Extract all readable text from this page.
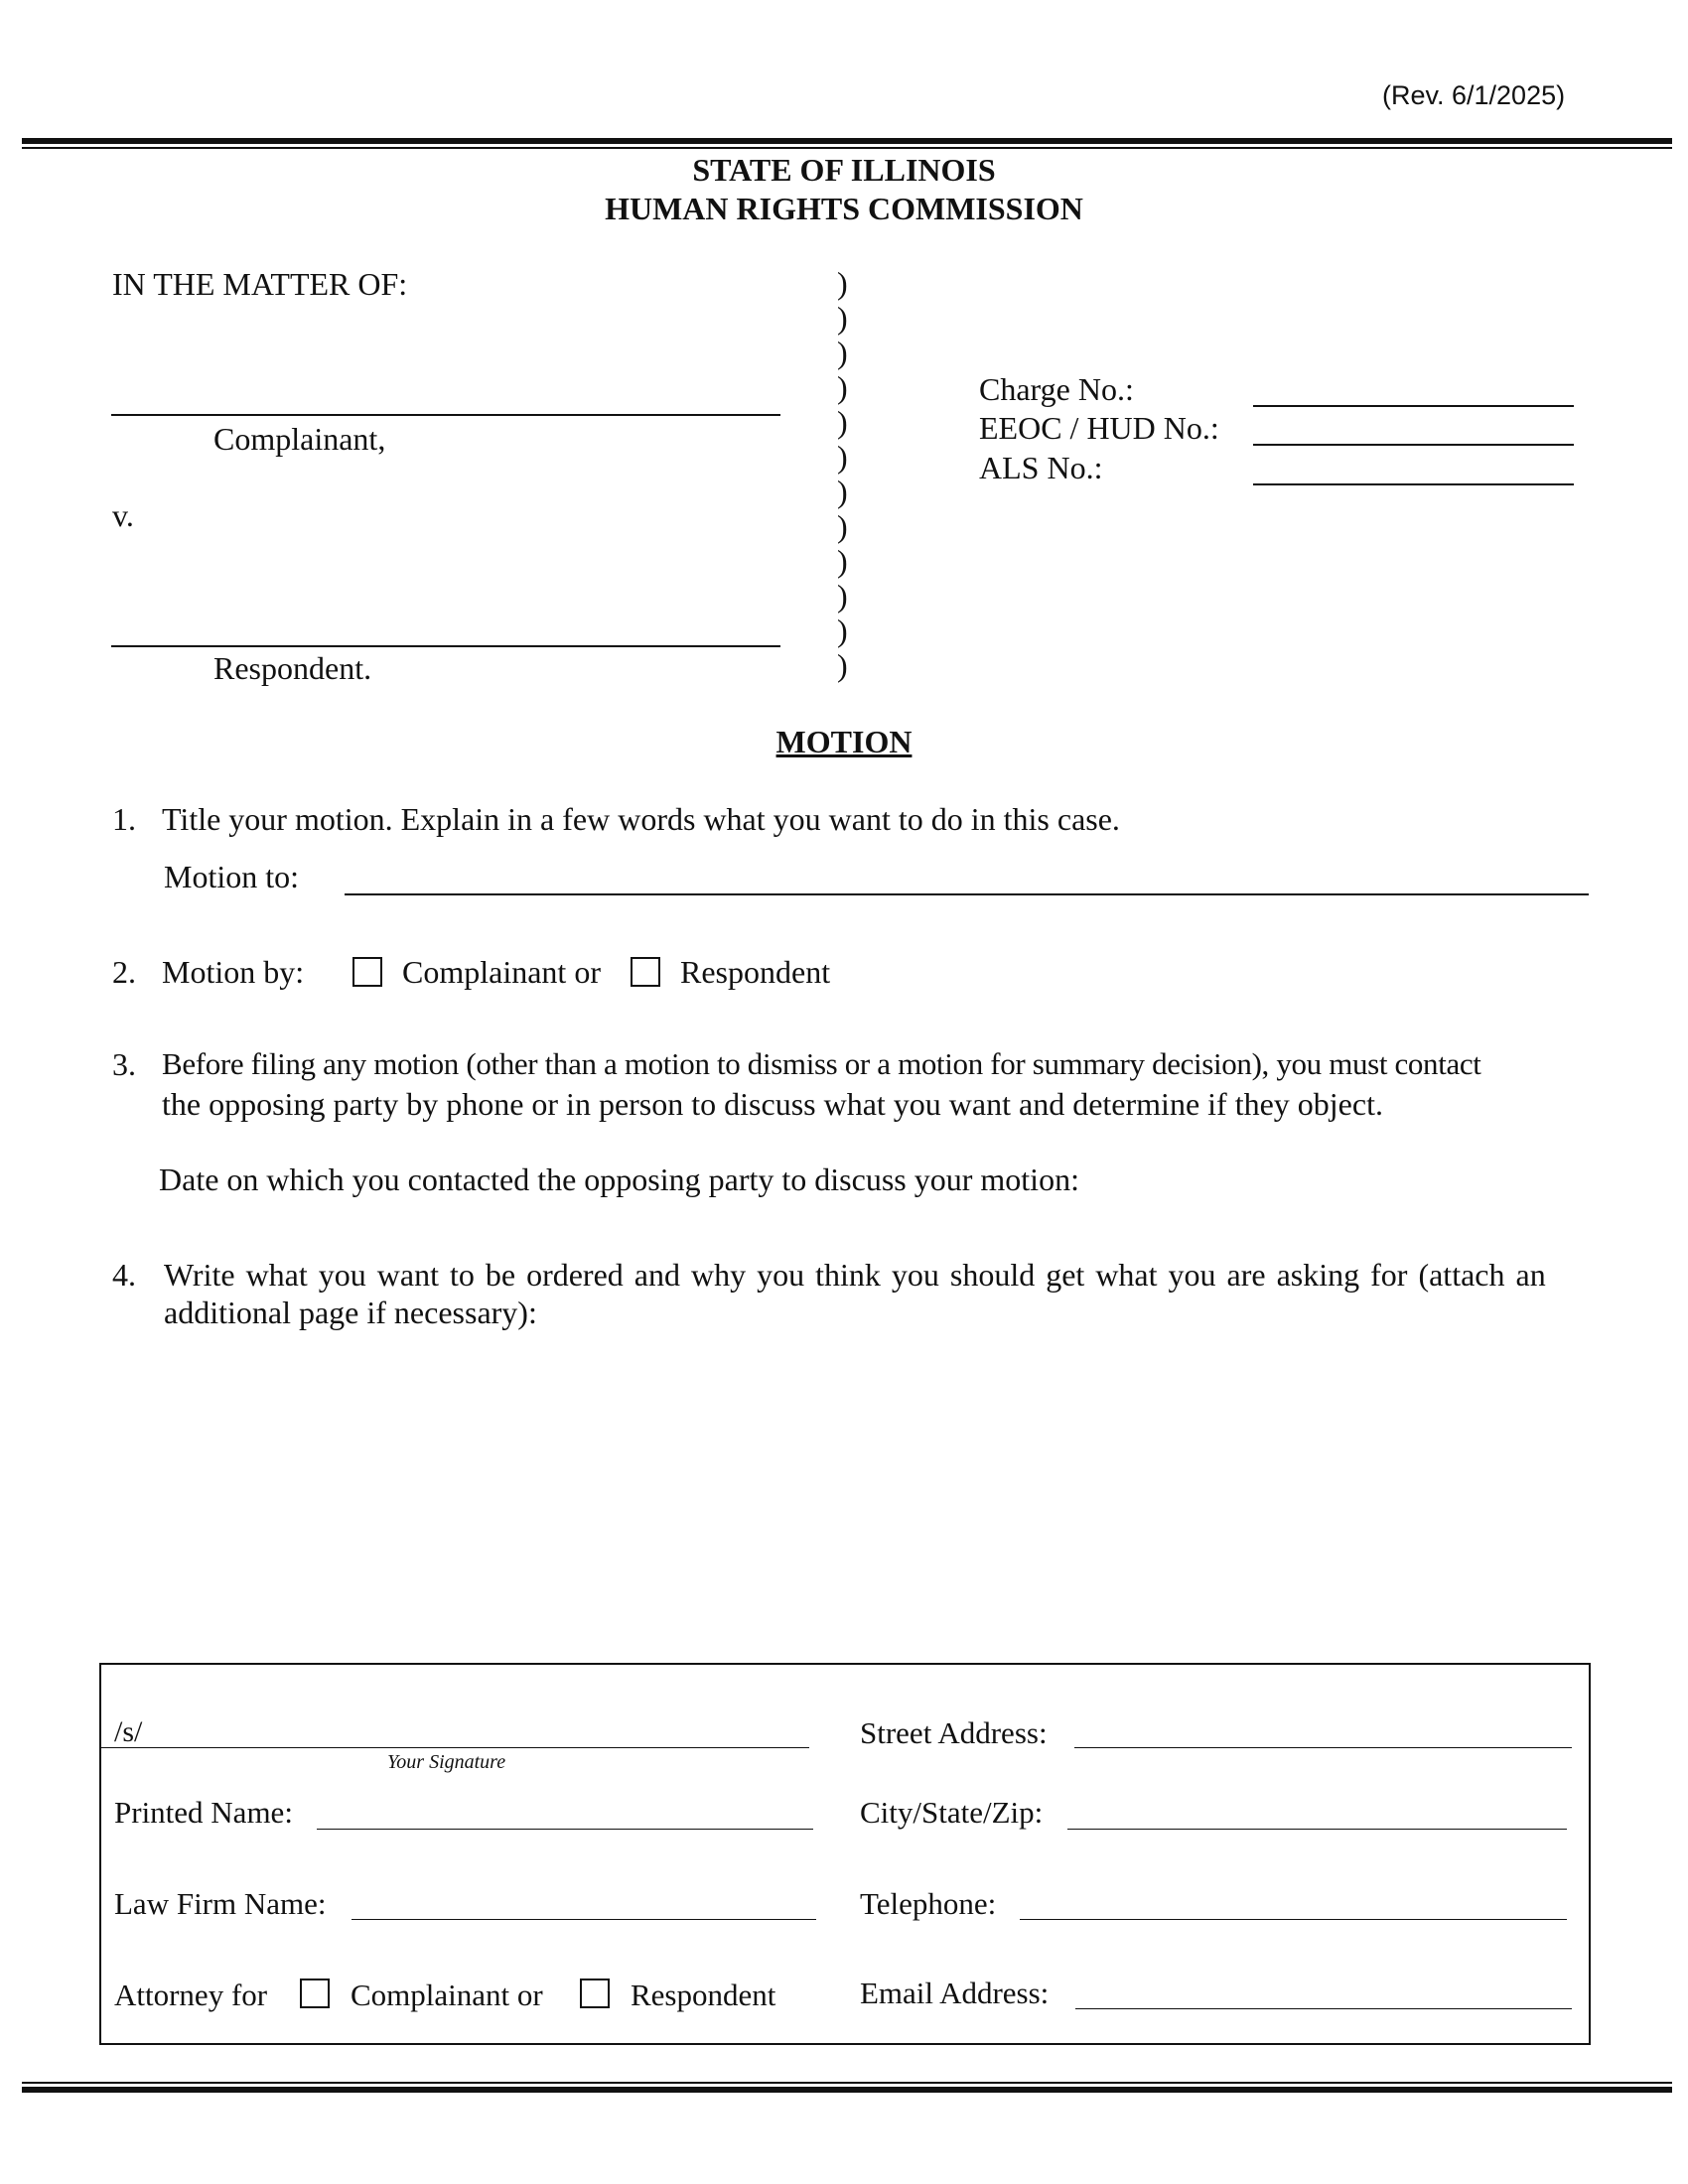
(Rev. 6/1/2025)
STATE OF ILLINOIS
HUMAN RIGHTS COMMISSION
IN THE MATTER OF:
Complainant,
v.
Respondent.
)
)
)
)
)
)
)
)
)
)
)
)
Charge No.:
EEOC / HUD No.:
ALS No.:
MOTION
1. Title your motion. Explain in a few words what you want to do in this case.
Motion to:
2. Motion by:	Complainant or	Respondent
3. Before filing any motion (other than a motion to dismiss or a motion for summary decision), you must contact
the opposing party by phone or in person to discuss what you want and determine if they object.
Date on which you contacted the opposing party to discuss your motion:
4. Write what you want to be ordered and why you think you should get what you are asking for (attach an
additional page if necessary):
/s/
Your Signature
Printed Name:
Law Firm Name:
Attorney for	Complainant or	Respondent
Street Address:
City/State/Zip:
Telephone:
Email Address:
